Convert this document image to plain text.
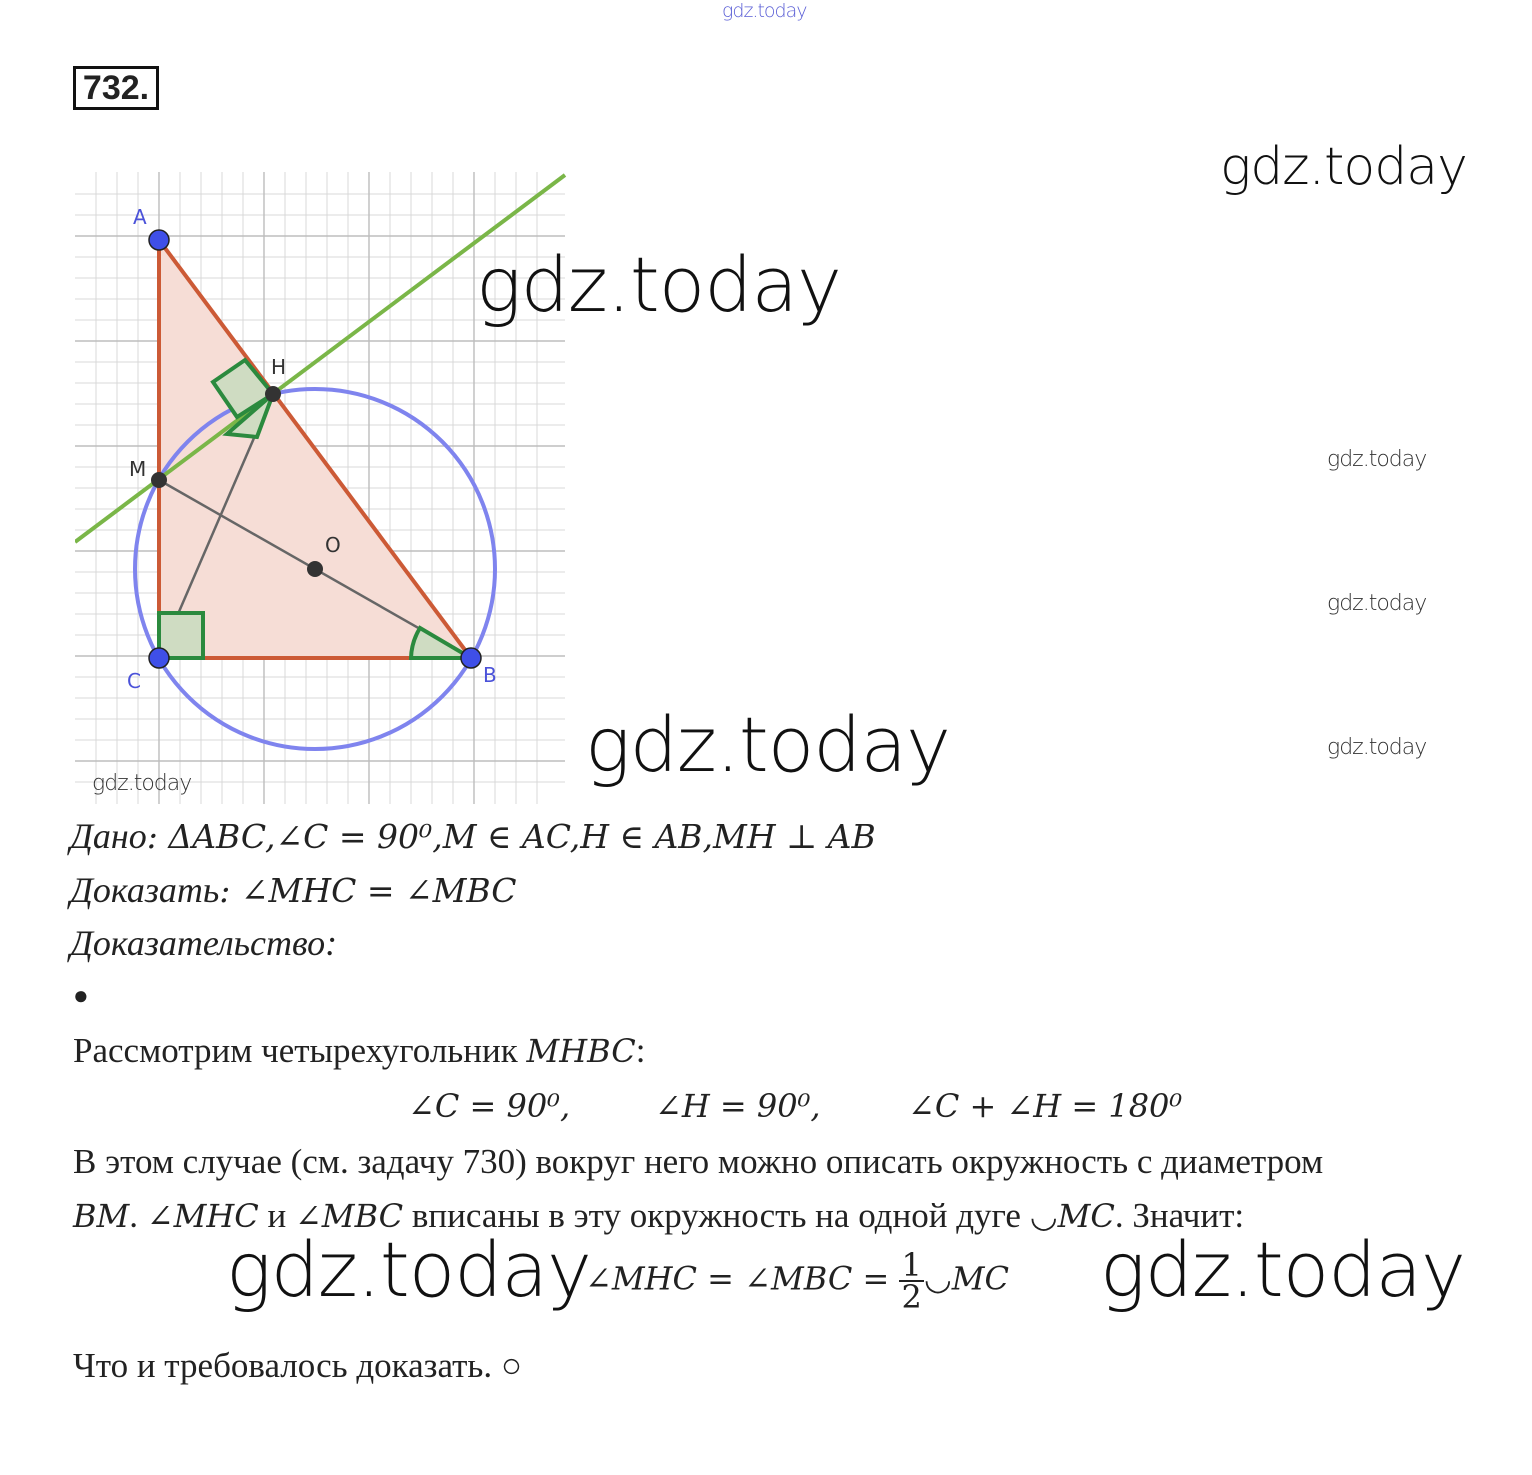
gdz.today
732.
A
H
M
O
C	B
gdz.today
gdz.today
gdz.today
gdz.today
gdz.today
gdz.today
gdz.today
Дано: ΔABC,∠C = 90⁰,M ∈ AC,H ∈ AB,MH ⊥ AB
Доказать: ∠MHC = ∠MBC
Доказательство:
●
Рассмотрим четырехугольник MHBC:
∠C = 90⁰,	∠H = 90⁰,	∠C + ∠H = 180⁰
В этом случае (см. задачу 730) вокруг него можно описать окружность с диаметром
BM. ∠MHC и ∠MBC вписаны в эту окружность на одной дуге ◡MC. Значит:
∠MHC = ∠MBC = $\frac{1}{2}$ ◡MC
gdz.today	gdz.today
Что и требовалось доказать. ○
